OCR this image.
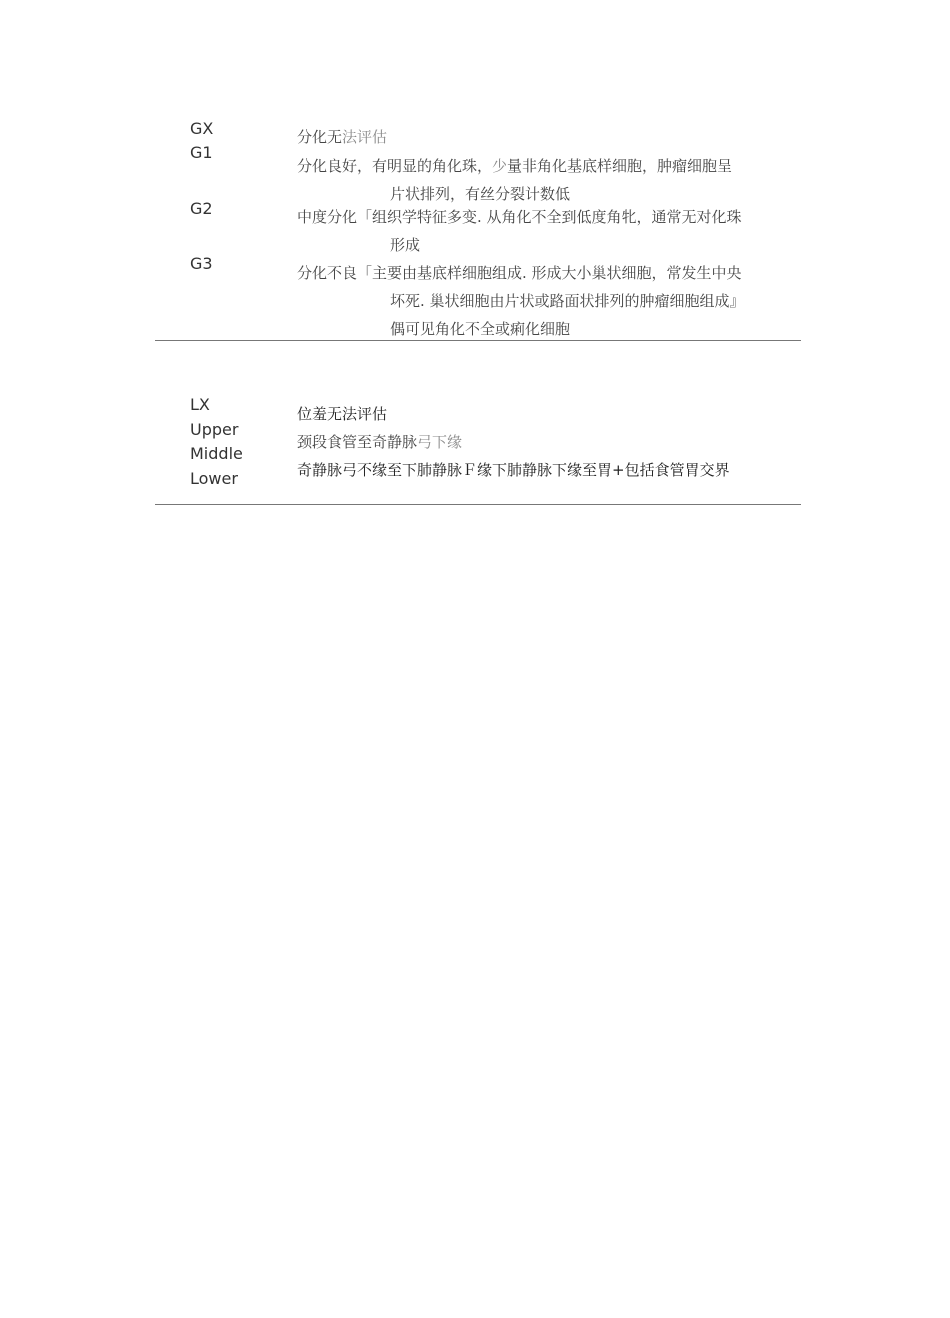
GX
G1
G2
G3
分化无法评估
分化良好，有明显的角化珠，少量非角化基底样细胞，肿瘤细胞呈
片状排列，有丝分裂计数低
中度分化「组织学特征多变. 从角化不全到低度角牝，通常无对化珠
形成
分化不良「主要由基底样细胞组成. 形成大小巢状细胞，常发生中央
坏死. 巢状细胞由片状或路面状排列的肿瘤细胞组成』
偶可见角化不全或痢化细胞
LX
Upper
Middle
Lower
位羞无法评估
颈段食管至奇静脉弓下缘
奇静脉弓不缘至下肺静脉Ｆ缘下肺静脉下缘至胃+包括食管胃交界
